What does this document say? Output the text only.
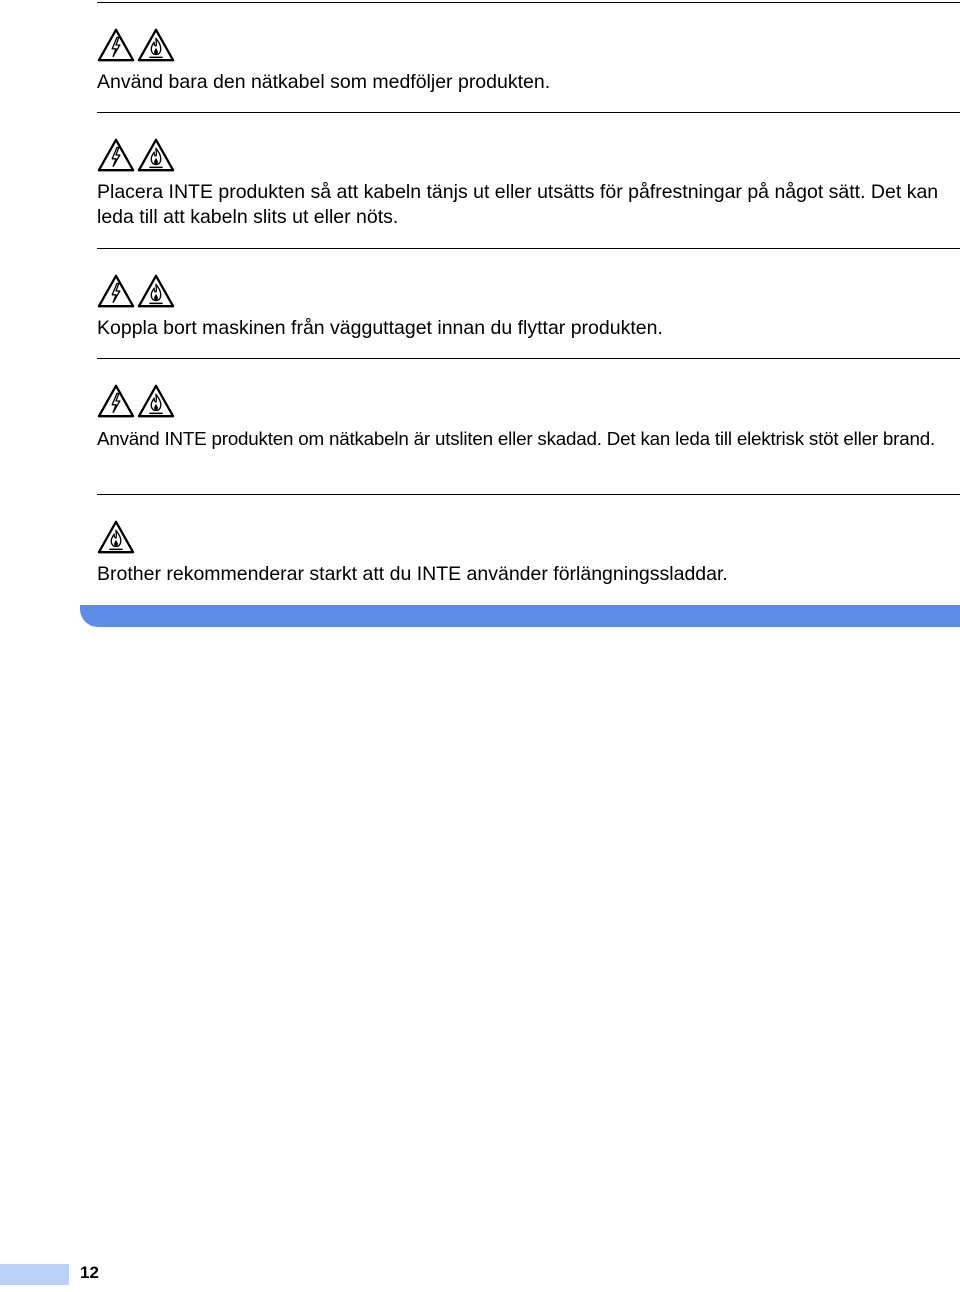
Använd bara den nätkabel som medföljer produkten.

Placera INTE produkten så att kabeln tänjs ut eller utsätts för påfrestningar på något sätt. Det kan leda till att kabeln slits ut eller nöts.

Koppla bort maskinen från vägguttaget innan du flyttar produkten.

Använd INTE produkten om nätkabeln är utsliten eller skadad. Det kan leda till elektrisk stöt eller brand.

Brother rekommenderar starkt att du INTE använder förlängningssladdar.

12
